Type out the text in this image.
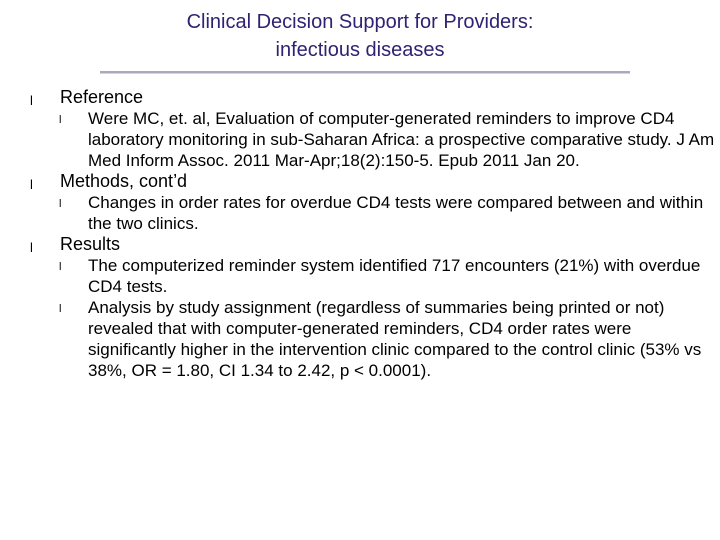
Clinical Decision Support for Providers:
infectious diseases
l Reference
l Were MC, et. al, Evaluation of computer-generated reminders to improve CD4 laboratory monitoring in sub-Saharan Africa: a prospective comparative study. J Am Med Inform Assoc. 2011 Mar-Apr;18(2):150-5. Epub 2011 Jan 20.
l Methods, cont’d
l Changes in order rates for overdue CD4 tests were compared between and within the two clinics.
l Results
l The computerized reminder system identified 717 encounters (21%) with overdue CD4 tests.
l Analysis by study assignment (regardless of summaries being printed or not) revealed that with computer-generated reminders, CD4 order rates were significantly higher in the intervention clinic compared to the control clinic (53% vs 38%, OR = 1.80, CI 1.34 to 2.42, p < 0.0001).
